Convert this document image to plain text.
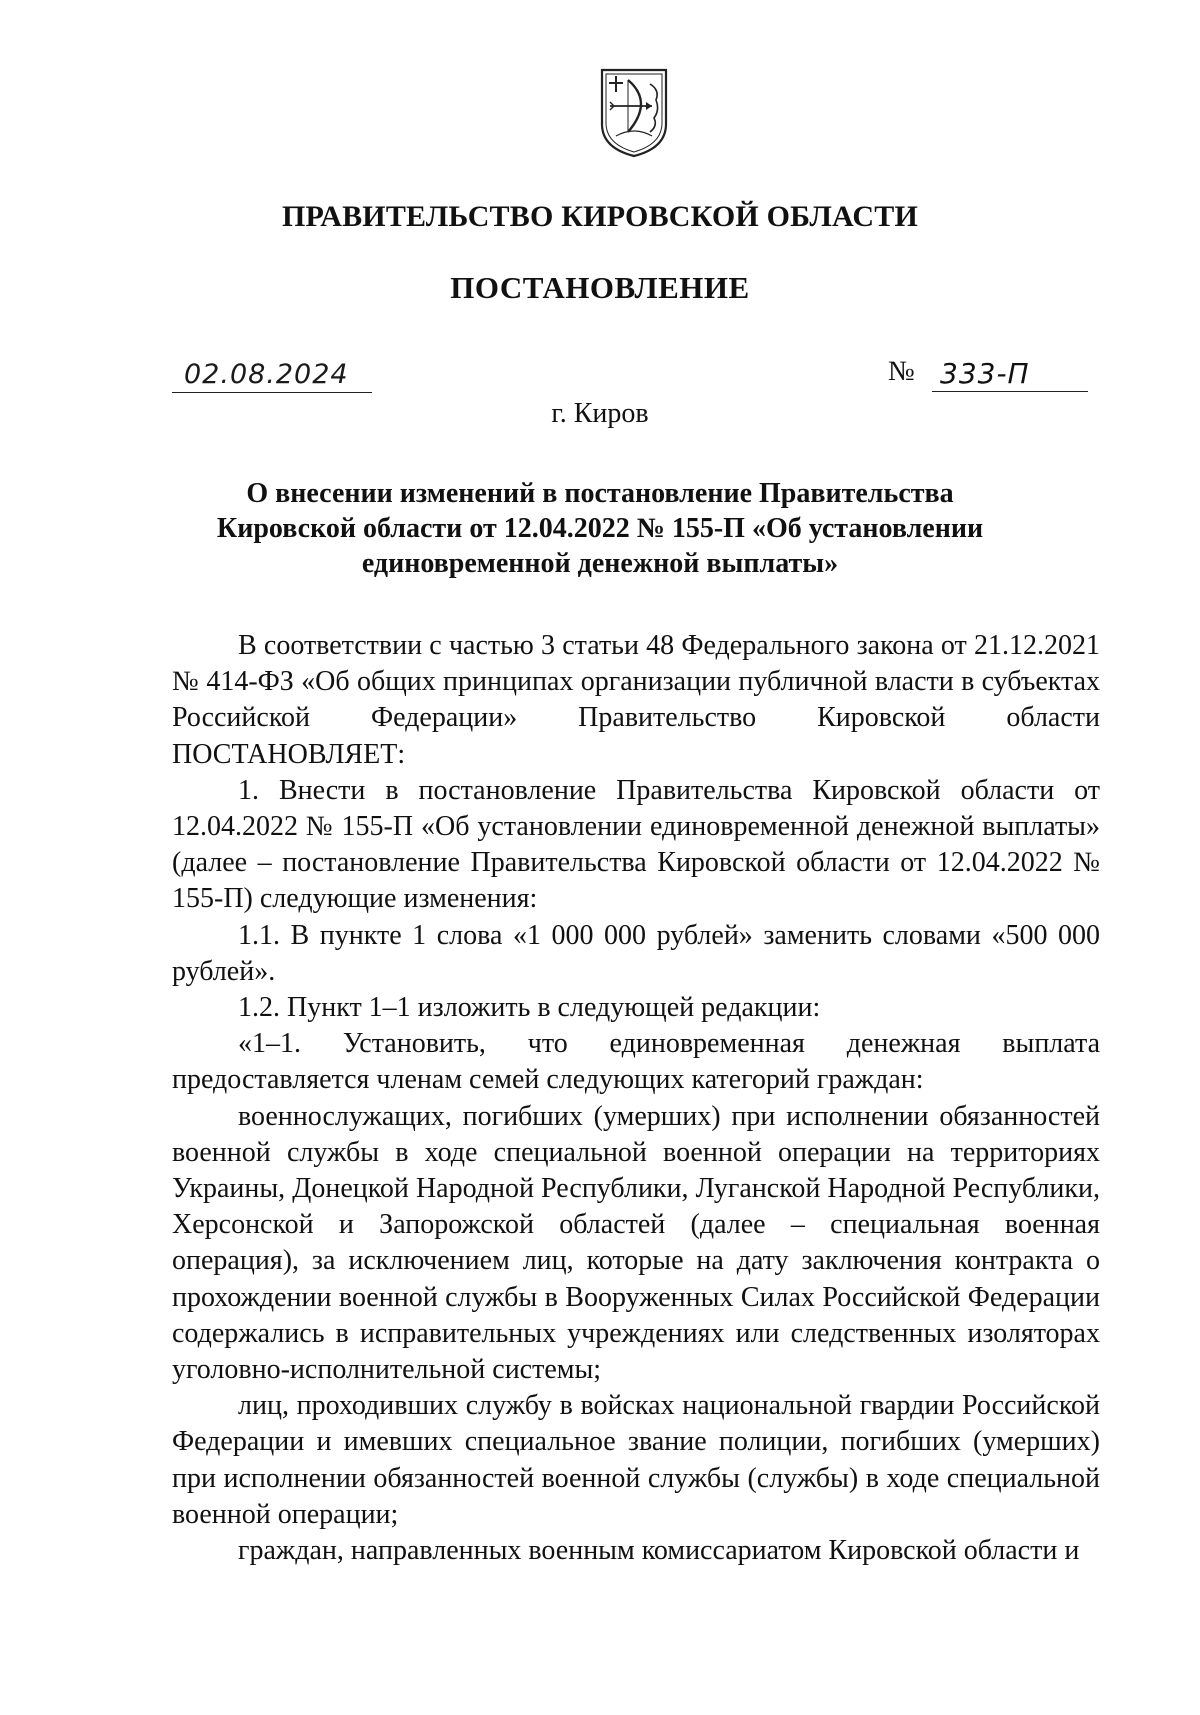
ПРАВИТЕЛЬСТВО КИРОВСКОЙ ОБЛАСТИ
ПОСТАНОВЛЕНИЕ
02.08.2024	№ 333-П
г. Киров
О внесении изменений в постановление Правительства
Кировской области от 12.04.2022 № 155-П «Об установлении
единовременной денежной выплаты»

В соответствии с частью 3 статьи 48 Федерального закона от 21.12.2021 № 414-ФЗ «Об общих принципах организации публичной власти в субъектах Российской Федерации» Правительство Кировской области ПОСТАНОВЛЯЕТ:

1. Внести в постановление Правительства Кировской области от 12.04.2022 № 155-П «Об установлении единовременной денежной выплаты» (далее – постановление Правительства Кировской области от 12.04.2022 № 155-П) следующие изменения:

1.1. В пункте 1 слова «1 000 000 рублей» заменить словами «500 000 рублей».

1.2. Пункт 1–1 изложить в следующей редакции:

«1–1. Установить, что единовременная денежная выплата предоставляется членам семей следующих категорий граждан:

военнослужащих, погибших (умерших) при исполнении обязанностей военной службы в ходе специальной военной операции на территориях Украины, Донецкой Народной Республики, Луганской Народной Республики, Херсонской и Запорожской областей (далее – специальная военная операция), за исключением лиц, которые на дату заключения контракта о прохождении военной службы в Вооруженных Силах Российской Федерации содержались в исправительных учреждениях или следственных изоляторах уголовно-исполнительной системы;

лиц, проходивших службу в войсках национальной гвардии Российской Федерации и имевших специальное звание полиции, погибших (умерших) при исполнении обязанностей военной службы (службы) в ходе специальной военной операции;

граждан, направленных военным комиссариатом Кировской области и
